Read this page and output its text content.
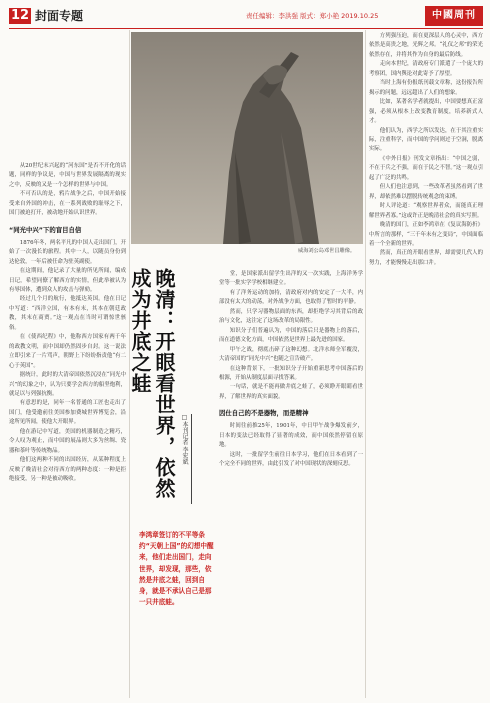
12 封面专题	责任编辑：李洪强 版式：郑小艳 2019.10.25	中國周刊

从20世纪末兴起的“河东国”是否不开化的话题，同样的争议是，中国与世界发展隔离的现实之中，反映的又是一个怎样的世界与中国。

不可否认的是，鸦片战争之后，中国开始接受来自外国的冲击，在一系列战败的耻辱之下，国门被迫打开，被动地开始认识世界。

“同光中兴”下的盲目自信

1876年冬，两名平凡的中国人走出国门，开始了一次漫长的旅程。其中一人，以随员身份到达伦敦，一年后被任命为驻英副使。

在这期间，他记录了大量的所见所闻，编成日记，希望同僚了解西方的实情，但此举被认为有辱国体，遭到众人的攻击与弹劾。

经过几个月的航行，他抵达英国。他在日记中写道：“西洋立国，有本有末，其本在朝廷政教，其末在商贾。”这一观点在当时可谓惊世骇俗。

在《使西纪程》中，他称西方国家有两千年的政教文明，而中国却仍然固步自封。这一说法立即引来了一片骂声，朝野上下纷纷指责他“有二心于英国”。

据统计，此时的大清帝国依然沉浸在“同光中兴”的幻象之中，认为只要学会西方的船坚炮利，就足以与列强抗衡。

有意思的是，同年一名普通的工匠也走出了国门，他受邀前往美国参加费城世界博览会，沿途所见所闻，使他大开眼界。

他在游记中写道，美国的机器制造之精巧，令人叹为观止，而中国的展品则大多为丝绸、瓷器和茶叶等传统物品。

他们这两种不同的出国经历，从某种程度上反映了晚清社会对待西方的两种态度：一种是拒绝接受，另一种是被动吸收。

威海刘公岛邓世昌雕像。
晚清：开眼看世界，依然成为井底之蛙
□本刊记者 李宏斌
李鸿章签订的不平等条约“天朝上国”的幻想中醒来，他们走出国门，走向世界，却发现，那些，依然是井底之蛙，回到自身，就是不承认自己是那一只井底蛙。

堂，是国家派出留学生出洋的又一次实践，上海洋务学堂等一批实学学校相继建立。

有了洋务运动的加持，清政府对内的安定了一大半，内部没有太大的动荡，对外战争方面，也取得了暂时的平静。

然而，只学习器物层面的东西，却拒绝学习其背后的政治与文化，这注定了这场改革的局限性。

知识分子们普遍认为，中国的落后只是器物上的落后，而在道德文化方面，中国依然是世界上最先进的国家。

甲午之战，彻底击碎了这种幻想。北洋水师全军覆没，大清帝国的“同光中兴”也随之宣告破产。

在这种背景下，一批知识分子开始重新思考中国落后的根源，开始从制度层面寻找答案。

一句话，就是不能再做井底之蛙了，必须睁开眼睛看世界，了解世界的真实面貌。

因仕自己的不是器物，而是精神

时间往前推25年，1901年，中日甲午战争爆发前夕，日本的变法已经取得了显著的成效，而中国依然停留在原地。

这时，一批留学生前往日本学习，他们在日本看到了一个完全不同的世界，由此引发了对中国现状的深刻反思。

方列强压迫，而在更深层人的心灵中，西方依然是高贵之地，光辉之邦。“礼仪之邦”的荣光依然存在，并将其作为自身的最后防线。

走向本世纪，清政府专门派遣了一个庞大的考察团，国内舆论对此寄予了厚望。

当时上海有份报纸刊载文章称，这份报告所揭示的问题，远远超出了人们的想象。

比如，某著名学者就提出，中国要想真正富强，必须从根本上改变教育制度，培养新式人才。

他们认为，西学之所以发达，在于其注重实际，注重科学，而中国的学问则过于空洞，脱离实际。

《中外日报》刊发文章指出：“中国之弱，不在于兵之不强，而在于民之不智。”这一观点引起了广泛的共鸣。

但人们也注意到，一些改革者虽然看到了世界，却依然难以摆脱传统观念的束缚。

时人评论道：“观察世界者众，而能真正理解世界者寡。”这或许正是晚清社会的真实写照。

晚清的国门，正如李鸿章在《复议海防折》中所言的那样，“三千年未有之变局”，中国面临着一个全新的世界。

然而，真正的开眼看世界，却需要几代人的努力，才能慢慢走出那口井。
